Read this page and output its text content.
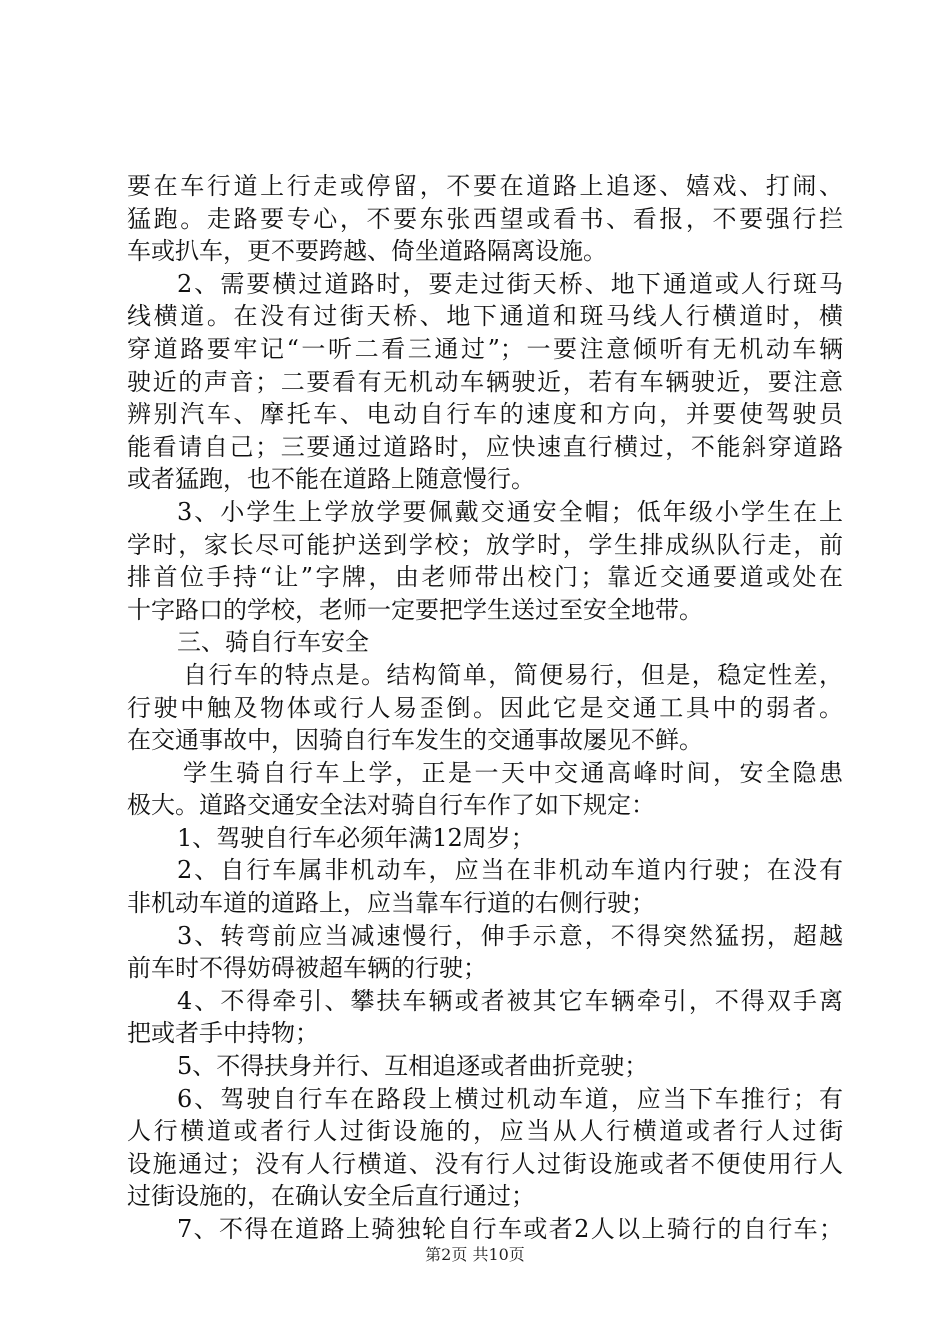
要在车行道上行走或停留，不要在道路上追逐、嬉戏、打闹、
猛跑。走路要专心，不要东张西望或看书、看报，不要强行拦
车或扒车，更不要跨越、倚坐道路隔离设施。
2、需要横过道路时，要走过街天桥、地下通道或人行斑马
线横道。在没有过街天桥、地下通道和斑马线人行横道时，横
穿道路要牢记“一听二看三通过”；一要注意倾听有无机动车辆
驶近的声音；二要看有无机动车辆驶近，若有车辆驶近，要注意
辨别汽车、摩托车、电动自行车的速度和方向，并要使驾驶员
能看请自己；三要通过道路时，应快速直行横过，不能斜穿道路
或者猛跑，也不能在道路上随意慢行。
3、小学生上学放学要佩戴交通安全帽；低年级小学生在上
学时，家长尽可能护送到学校；放学时，学生排成纵队行走，前
排首位手持“让”字牌，由老师带出校门；靠近交通要道或处在
十字路口的学校，老师一定要把学生送过至安全地带。
三、骑自行车安全
自行车的特点是。结构简单，简便易行，但是，稳定性差，
行驶中触及物体或行人易歪倒。因此它是交通工具中的弱者。
在交通事故中，因骑自行车发生的交通事故屡见不鲜。
学生骑自行车上学，正是一天中交通高峰时间，安全隐患
极大。道路交通安全法对骑自行车作了如下规定：
1、驾驶自行车必须年满12周岁；
2、自行车属非机动车，应当在非机动车道内行驶；在没有
非机动车道的道路上，应当靠车行道的右侧行驶；
3、转弯前应当减速慢行，伸手示意，不得突然猛拐，超越
前车时不得妨碍被超车辆的行驶；
4、不得牵引、攀扶车辆或者被其它车辆牵引，不得双手离
把或者手中持物；
5、不得扶身并行、互相追逐或者曲折竞驶；
6、驾驶自行车在路段上横过机动车道，应当下车推行；有
人行横道或者行人过街设施的，应当从人行横道或者行人过街
设施通过；没有人行横道、没有行人过街设施或者不便使用行人
过街设施的，在确认安全后直行通过；
7、不得在道路上骑独轮自行车或者2人以上骑行的自行车；
第2页 共10页
